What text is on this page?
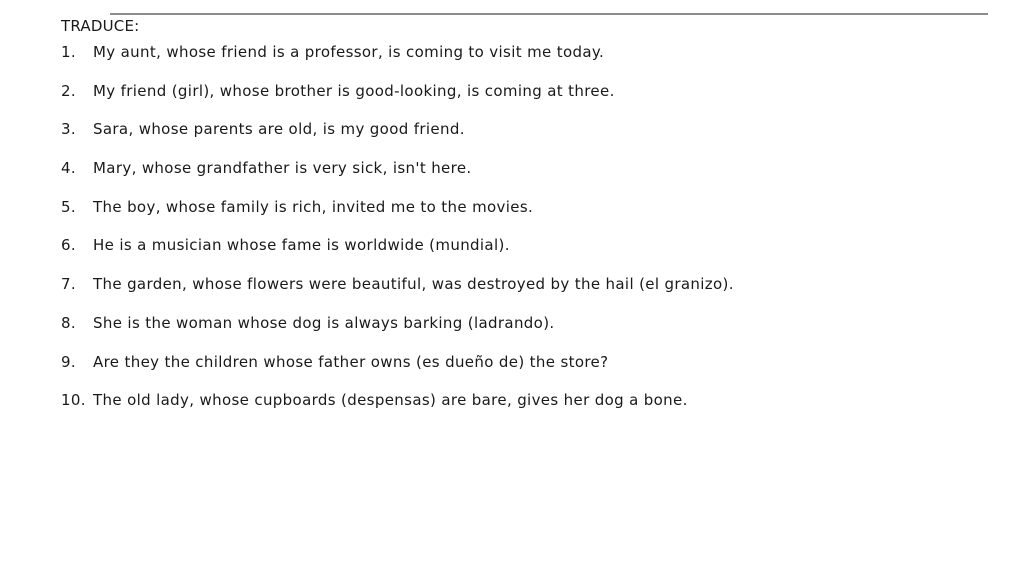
TRADUCE:
1.	My aunt, whose friend is a professor, is coming to visit me today.
2.	My friend (girl), whose brother is good-looking, is coming at three.
3.	Sara, whose parents are old, is my good friend.
4.	Mary, whose grandfather is very sick, isn't here.
5.	The boy, whose family is rich, invited me to the movies.
6.	He is a musician whose fame is worldwide (mundial).
7.	The garden, whose flowers were beautiful, was destroyed by the hail (el granizo).
8.	She is the woman whose dog is always barking (ladrando).
9.	Are they the children whose father owns (es dueño de) the store?
10. The old lady, whose cupboards (despensas) are bare, gives her dog a bone.
